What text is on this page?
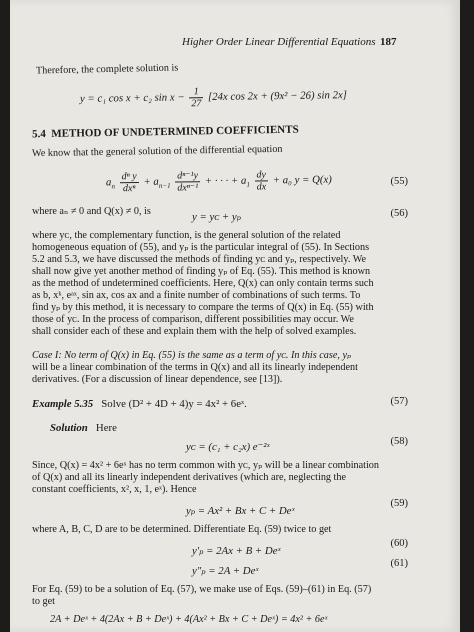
Higher Order Linear Differential Equations 187
Therefore, the complete solution is
y = c₁ cos x + c₂ $\sin x - \frac{1}{27} [24x$ cos 2x + (9x² − 26) sin 2x]
5.4 METHOD OF UNDETERMINED COEFFICIENTS
We know that the general solution of the differential equation
$a_n \frac{\text{dⁿ y}}{\text{dxⁿ}} + a_{n-1} \frac{\text{dⁿ⁻¹y}}{\text{dxⁿ⁻¹}}$ + · · · + $a_1 \frac{dy}{dx} + a_0$ y = Q(x)	(55)
where aₙ ≠ 0 and Q(x) ≠ 0, is	y = yᴄ + yₚ	(56)
where yᴄ, the complementary function, is the general solution of the related
homogeneous equation of (55), and yₚ is the particular integral of (55). In Sections
5.2 and 5.3, we have discussed the methods of finding yᴄ and yₚ, respectively. We
shall now give yet another method of finding yₚ of Eq. (55). This method is known
as the method of undetermined coefficients. Here, Q(x) can only contain terms such
as b, xᵏ, eᵃˣ, sin ax, cos ax and a finite number of combinations of such terms. To
find yₚ by this method, it is necessary to compare the terms of Q(x) in Eq. (55) with
those of yᴄ. In the process of comparison, different possibilities may occur. We
shall consider each of these and explain them with the help of solved examples.
Case I: No term of Q(x) in Eq. (55) is the same as a term of yᴄ. In this case, yₚ
will be a linear combination of the terms in Q(x) and all its linearly independent
derivatives. (For a discussion of linear dependence, see [13]).
Example 5.35 Solve (D² + 4D + 4)y = 4x² + 6eˣ.	(57)
Solution Here
yᴄ = (c₁ + c₂x) e⁻²ˣ	(58)
Since, Q(x) = 4x² + 6eˣ has no term common with yᴄ, yₚ will be a linear combination
of Q(x) and all its linearly independent derivatives (which are, neglecting the
constant coefficients, x², x, 1, eˣ). Hence
yₚ = Ax² + Bx + C + Deˣ
(59)
where A, B, C, D are to be determined. Differentiate Eq. (59) twice to get
y′ₚ = 2Ax + B + Deˣ
(60)
y″ₚ = 2A + Deˣ
(61)
For Eq. (59) to be a solution of Eq. (57), we make use of Eqs. (59)–(61) in Eq. (57)
to get
2A + Deˣ + 4(2Ax + B + Deˣ) + 4(Ax² + Bx + C + Deˣ) = 4x² + 6eˣ
